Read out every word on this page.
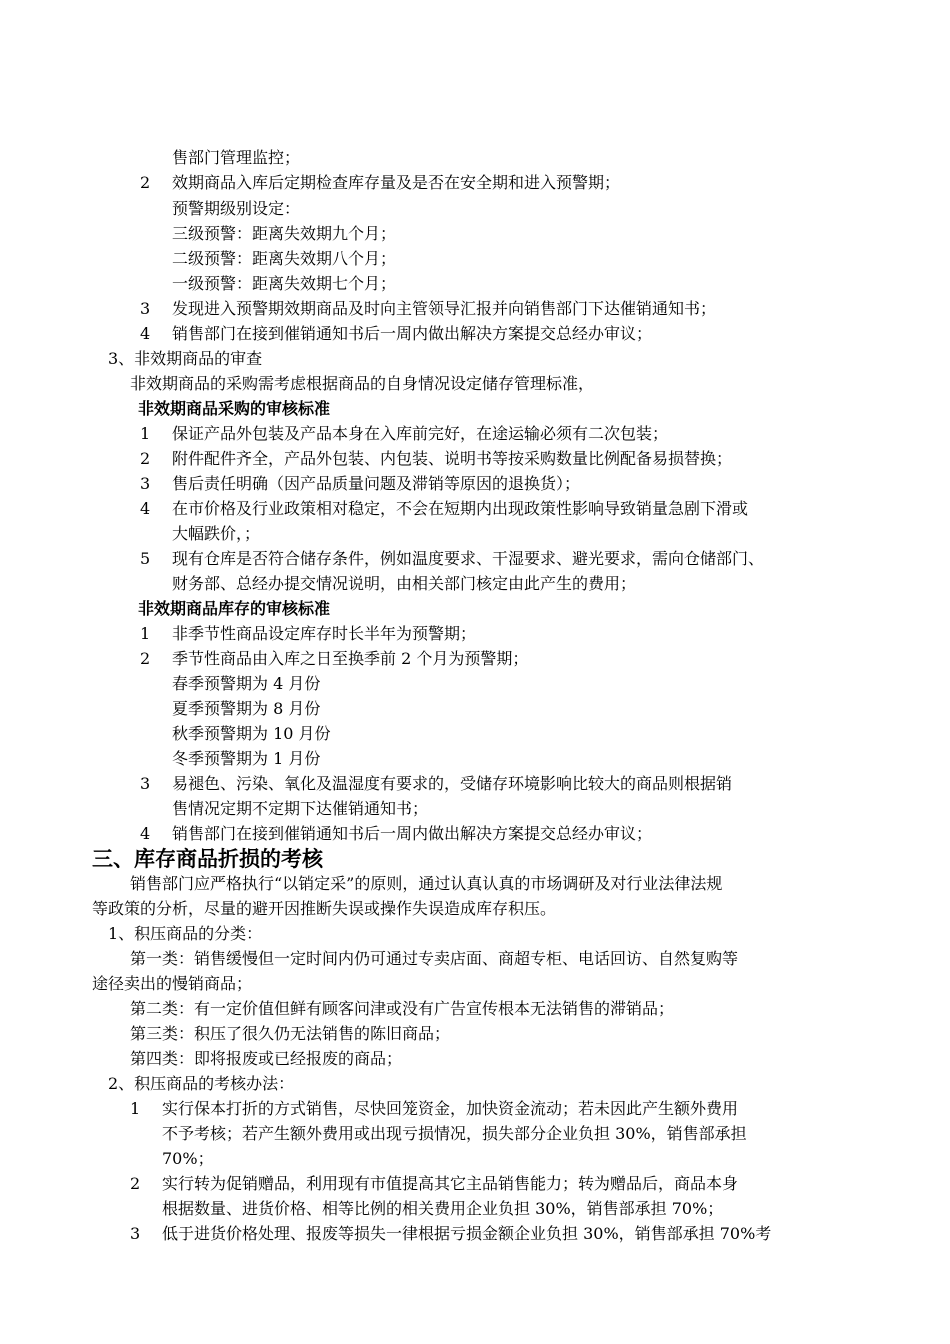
售部门管理监控；
2 效期商品入库后定期检查库存量及是否在安全期和进入预警期；
预警期级别设定：
三级预警：距离失效期九个月；
二级预警：距离失效期八个月；
一级预警：距离失效期七个月；
3 发现进入预警期效期商品及时向主管领导汇报并向销售部门下达催销通知书；
4 销售部门在接到催销通知书后一周内做出解决方案提交总经办审议；
3、非效期商品的审查
非效期商品的采购需考虑根据商品的自身情况设定储存管理标准，
非效期商品采购的审核标准
1 保证产品外包装及产品本身在入库前完好，在途运输必须有二次包装；
2 附件配件齐全，产品外包装、内包装、说明书等按采购数量比例配备易损替换；
3 售后责任明确（因产品质量问题及滞销等原因的退换货）；
4 在市价格及行业政策相对稳定，不会在短期内出现政策性影响导致销量急剧下滑或
大幅跌价，；
5 现有仓库是否符合储存条件，例如温度要求、干湿要求、避光要求，需向仓储部门、
财务部、总经办提交情况说明，由相关部门核定由此产生的费用；
非效期商品库存的审核标准
1 非季节性商品设定库存时长半年为预警期；
2 季节性商品由入库之日至换季前 2 个月为预警期；
春季预警期为 4 月份
夏季预警期为 8 月份
秋季预警期为 10 月份
冬季预警期为 1 月份
3 易褪色、污染、氧化及温湿度有要求的，受储存环境影响比较大的商品则根据销
售情况定期不定期下达催销通知书；
4 销售部门在接到催销通知书后一周内做出解决方案提交总经办审议；
三、库存商品折损的考核
销售部门应严格执行“以销定采”的原则，通过认真认真的市场调研及对行业法律法规
等政策的分析，尽量的避开因推断失误或操作失误造成库存积压。
1、积压商品的分类：
第一类：销售缓慢但一定时间内仍可通过专卖店面、商超专柜、电话回访、自然复购等
途径卖出的慢销商品；
第二类：有一定价值但鲜有顾客问津或没有广告宣传根本无法销售的滞销品；
第三类：积压了很久仍无法销售的陈旧商品；
第四类：即将报废或已经报废的商品；
2、积压商品的考核办法：
1 实行保本打折的方式销售，尽快回笼资金，加快资金流动；若未因此产生额外费用
不予考核；若产生额外费用或出现亏损情况，损失部分企业负担 30%，销售部承担
70%；
2 实行转为促销赠品，利用现有市值提高其它主品销售能力；转为赠品后，商品本身
根据数量、进货价格、相等比例的相关费用企业负担 30%，销售部承担 70%；
3 低于进货价格处理、报废等损失一律根据亏损金额企业负担 30%，销售部承担 70%考
